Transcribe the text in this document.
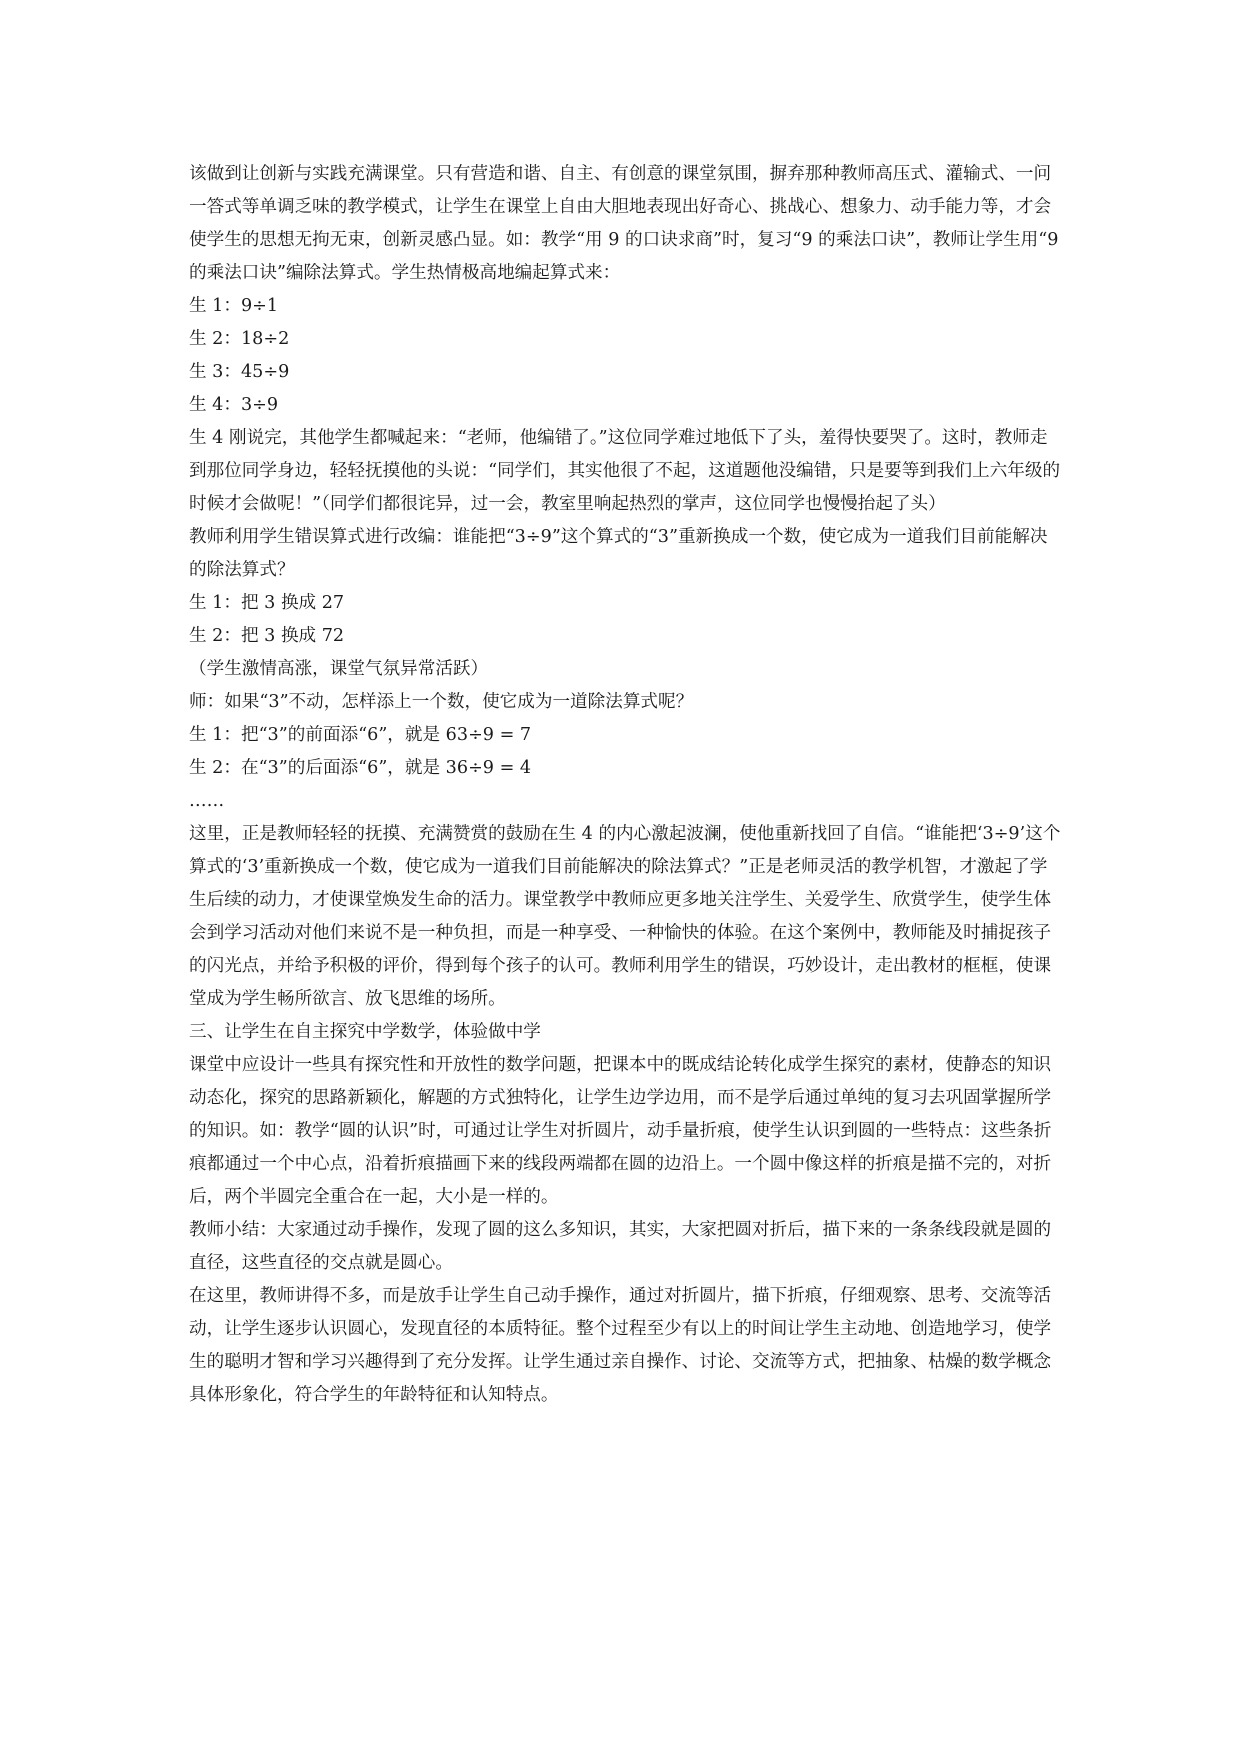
该做到让创新与实践充满课堂。只有营造和谐、自主、有创意的课堂氛围，摒弃那种教师高压式、灌输式、一问一答式等单调乏味的教学模式，让学生在课堂上自由大胆地表现出好奇心、挑战心、想象力、动手能力等，才会使学生的思想无拘无束，创新灵感凸显。如：教学“用 9 的口诀求商”时，复习“9 的乘法口诀”，教师让学生用“9 的乘法口诀”编除法算式。学生热情极高地编起算式来：

生 1：9÷1

生 2：18÷2

生 3：45÷9

生 4：3÷9

生 4 刚说完，其他学生都喊起来：“老师，他编错了。”这位同学难过地低下了头，羞得快要哭了。这时，教师走到那位同学身边，轻轻抚摸他的头说：“同学们，其实他很了不起，这道题他没编错，只是要等到我们上六年级的时候才会做呢！”（同学们都很诧异，过一会，教室里响起热烈的掌声，这位同学也慢慢抬起了头）

教师利用学生错误算式进行改编：谁能把“3÷9”这个算式的“3”重新换成一个数，使它成为一道我们目前能解决的除法算式？

生 1：把 3 换成 27

生 2：把 3 换成 72

（学生激情高涨，课堂气氛异常活跃）

师：如果“3”不动，怎样添上一个数，使它成为一道除法算式呢？

生 1：把“3”的前面添“6”，就是 63÷9 = 7

生 2：在“3”的后面添“6”，就是 36÷9 = 4

……

这里，正是教师轻轻的抚摸、充满赞赏的鼓励在生 4 的内心激起波澜，使他重新找回了自信。“谁能把‘3÷9’这个算式的‘3’重新换成一个数，使它成为一道我们目前能解决的除法算式？”正是老师灵活的教学机智，才激起了学生后续的动力，才使课堂焕发生命的活力。课堂教学中教师应更多地关注学生、关爱学生、欣赏学生，使学生体会到学习活动对他们来说不是一种负担，而是一种享受、一种愉快的体验。在这个案例中，教师能及时捕捉孩子的闪光点，并给予积极的评价，得到每个孩子的认可。教师利用学生的错误，巧妙设计，走出教材的框框，使课堂成为学生畅所欲言、放飞思维的场所。

三、让学生在自主探究中学数学，体验做中学

课堂中应设计一些具有探究性和开放性的数学问题，把课本中的既成结论转化成学生探究的素材，使静态的知识动态化，探究的思路新颖化，解题的方式独特化，让学生边学边用，而不是学后通过单纯的复习去巩固掌握所学的知识。如：教学“圆的认识”时，可通过让学生对折圆片，动手量折痕，使学生认识到圆的一些特点：这些条折痕都通过一个中心点，沿着折痕描画下来的线段两端都在圆的边沿上。一个圆中像这样的折痕是描不完的，对折后，两个半圆完全重合在一起，大小是一样的。

教师小结：大家通过动手操作，发现了圆的这么多知识，其实，大家把圆对折后，描下来的一条条线段就是圆的直径，这些直径的交点就是圆心。

在这里，教师讲得不多，而是放手让学生自己动手操作，通过对折圆片，描下折痕，仔细观察、思考、交流等活动，让学生逐步认识圆心，发现直径的本质特征。整个过程至少有以上的时间让学生主动地、创造地学习，使学生的聪明才智和学习兴趣得到了充分发挥。让学生通过亲自操作、讨论、交流等方式，把抽象、枯燥的数学概念具体形象化，符合学生的年龄特征和认知特点。
